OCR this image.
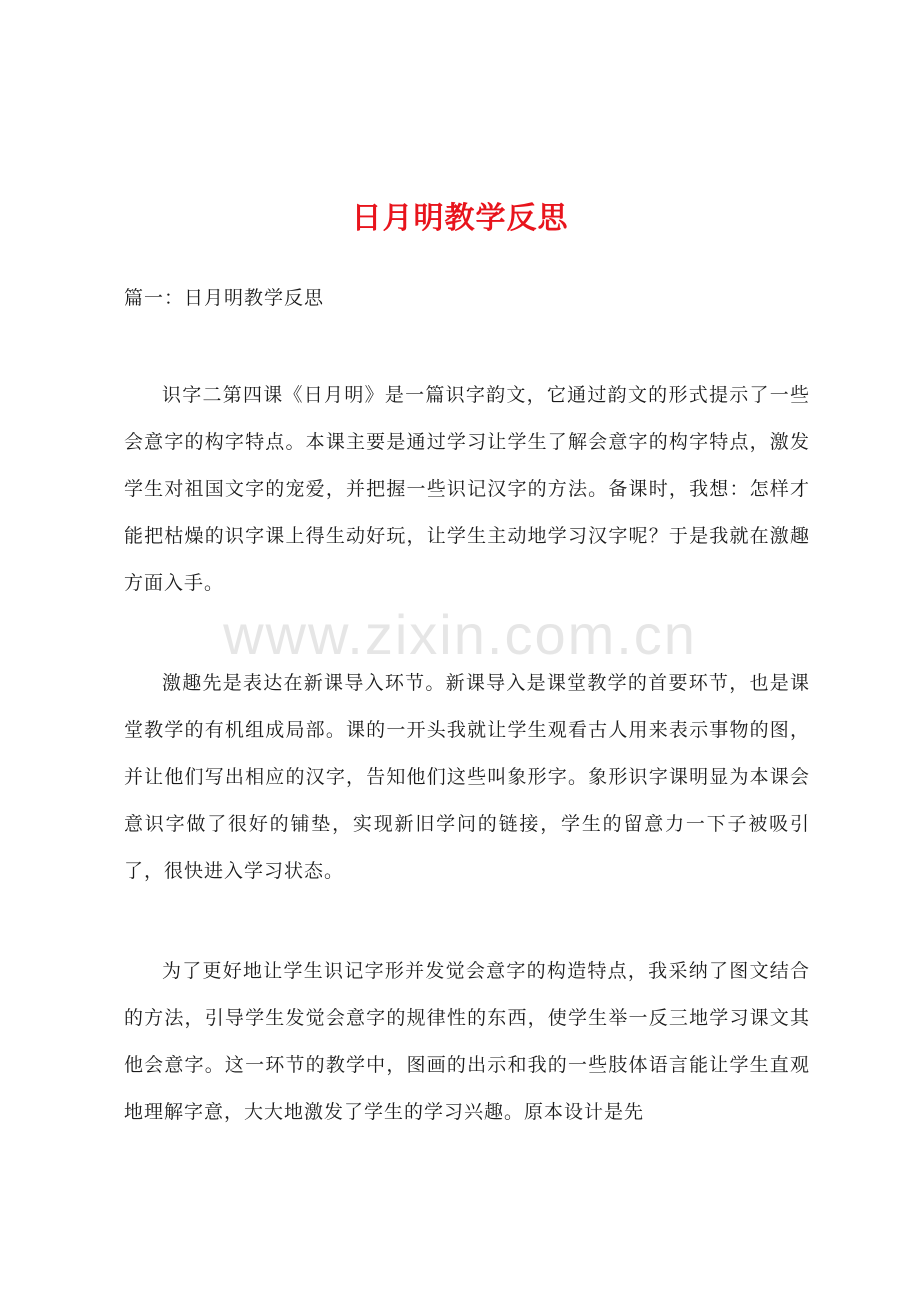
日月明教学反思
篇一：日月明教学反思

识字二第四课《日月明》是一篇识字韵文，它通过韵文的形式提示了一些会意字的构字特点。本课主要是通过学习让学生了解会意字的构字特点，激发学生对祖国文字的宠爱，并把握一些识记汉字的方法。备课时，我想：怎样才能把枯燥的识字课上得生动好玩，让学生主动地学习汉字呢？于是我就在激趣方面入手。

激趣先是表达在新课导入环节。新课导入是课堂教学的首要环节，也是课堂教学的有机组成局部。课的一开头我就让学生观看古人用来表示事物的图，并让他们写出相应的汉字，告知他们这些叫象形字。象形识字课明显为本课会意识字做了很好的铺垫，实现新旧学问的链接，学生的留意力一下子被吸引了，很快进入学习状态。

为了更好地让学生识记字形并发觉会意字的构造特点，我采纳了图文结合的方法，引导学生发觉会意字的规律性的东西，使学生举一反三地学习课文其他会意字。这一环节的教学中，图画的出示和我的一些肢体语言能让学生直观地理解字意，大大地激发了学生的学习兴趣。原本设计是先

www.zixin.com.cn
